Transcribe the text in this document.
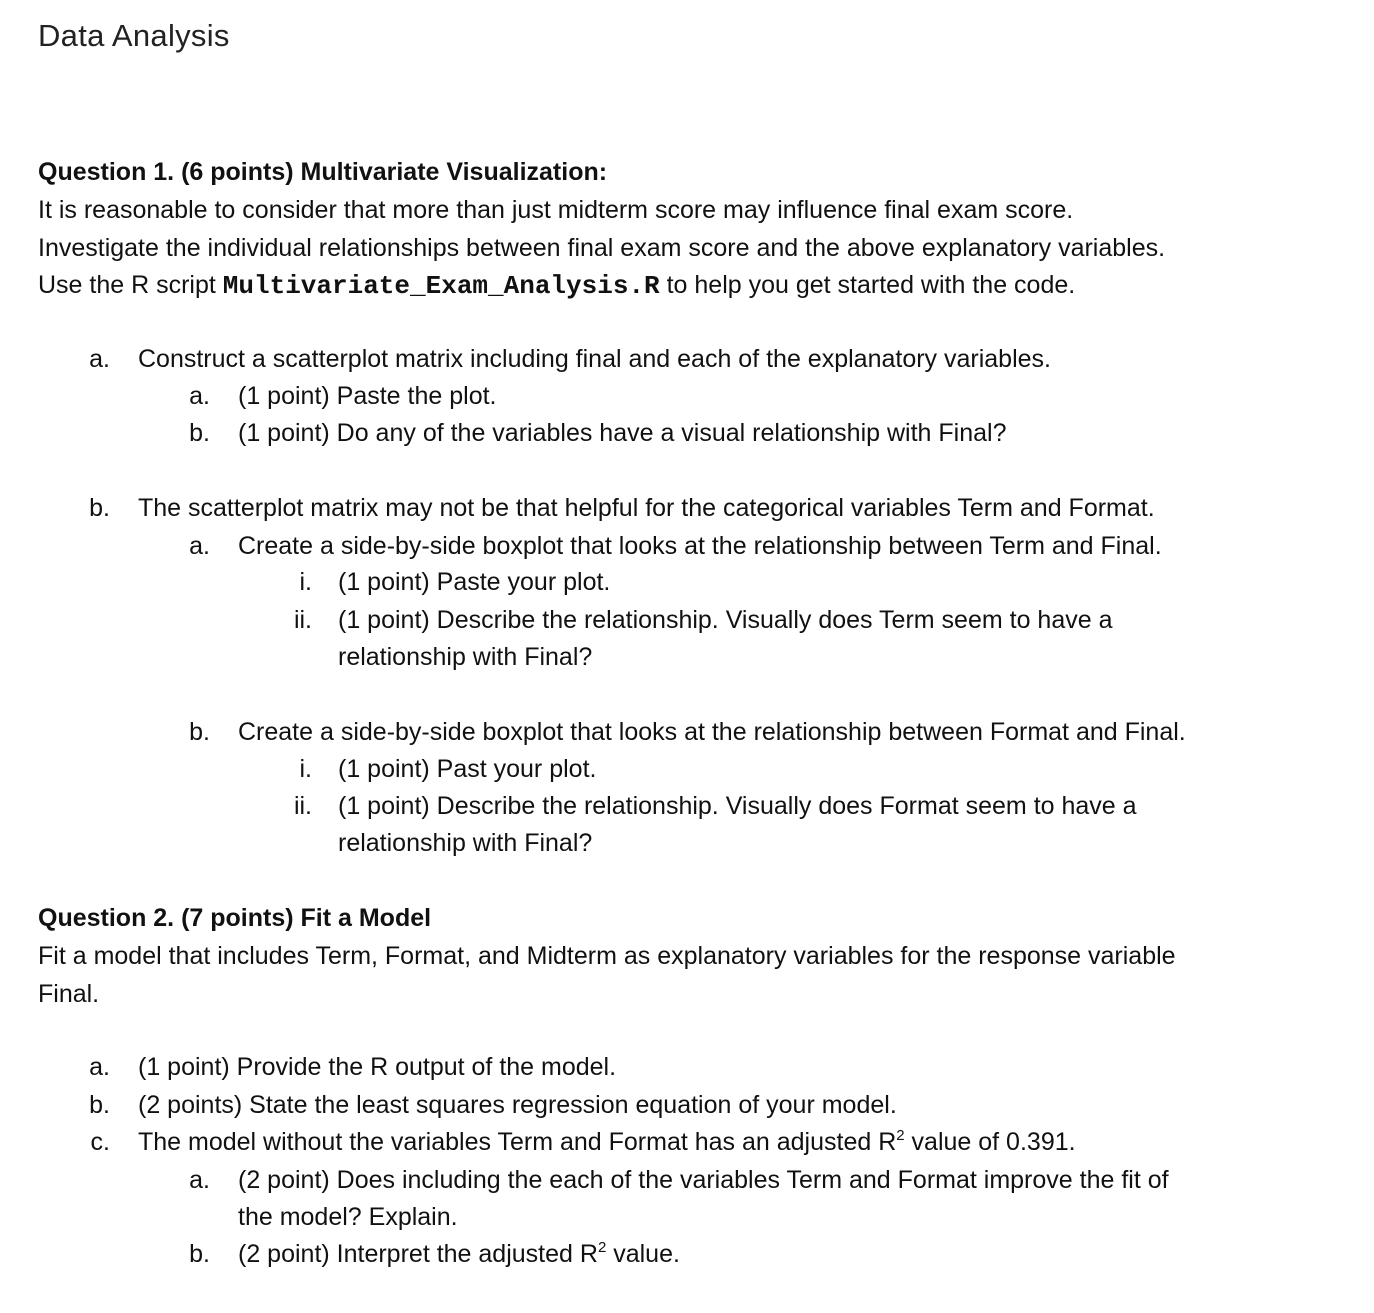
Data Analysis
Question 1. (6 points) Multivariate Visualization:
It is reasonable to consider that more than just midterm score may influence final exam score.
Investigate the individual relationships between final exam score and the above explanatory variables.
Use the R script Multivariate_Exam_Analysis.R to help you get started with the code.
a. Construct a scatterplot matrix including final and each of the explanatory variables.
a. (1 point) Paste the plot.
b. (1 point) Do any of the variables have a visual relationship with Final?
b. The scatterplot matrix may not be that helpful for the categorical variables Term and Format.
a. Create a side-by-side boxplot that looks at the relationship between Term and Final.
i. (1 point) Paste your plot.
ii. (1 point) Describe the relationship. Visually does Term seem to have a
relationship with Final?
b. Create a side-by-side boxplot that looks at the relationship between Format and Final.
i. (1 point) Past your plot.
ii. (1 point) Describe the relationship. Visually does Format seem to have a
relationship with Final?
Question 2. (7 points) Fit a Model
Fit a model that includes Term, Format, and Midterm as explanatory variables for the response variable
Final.
a. (1 point) Provide the R output of the model.
b. (2 points) State the least squares regression equation of your model.
c. The model without the variables Term and Format has an adjusted $R^2$ value of 0.391.
a. (2 point) Does including the each of the variables Term and Format improve the fit of
the model? Explain.
b. (2 point) Interpret the adjusted $R^2$ value.
